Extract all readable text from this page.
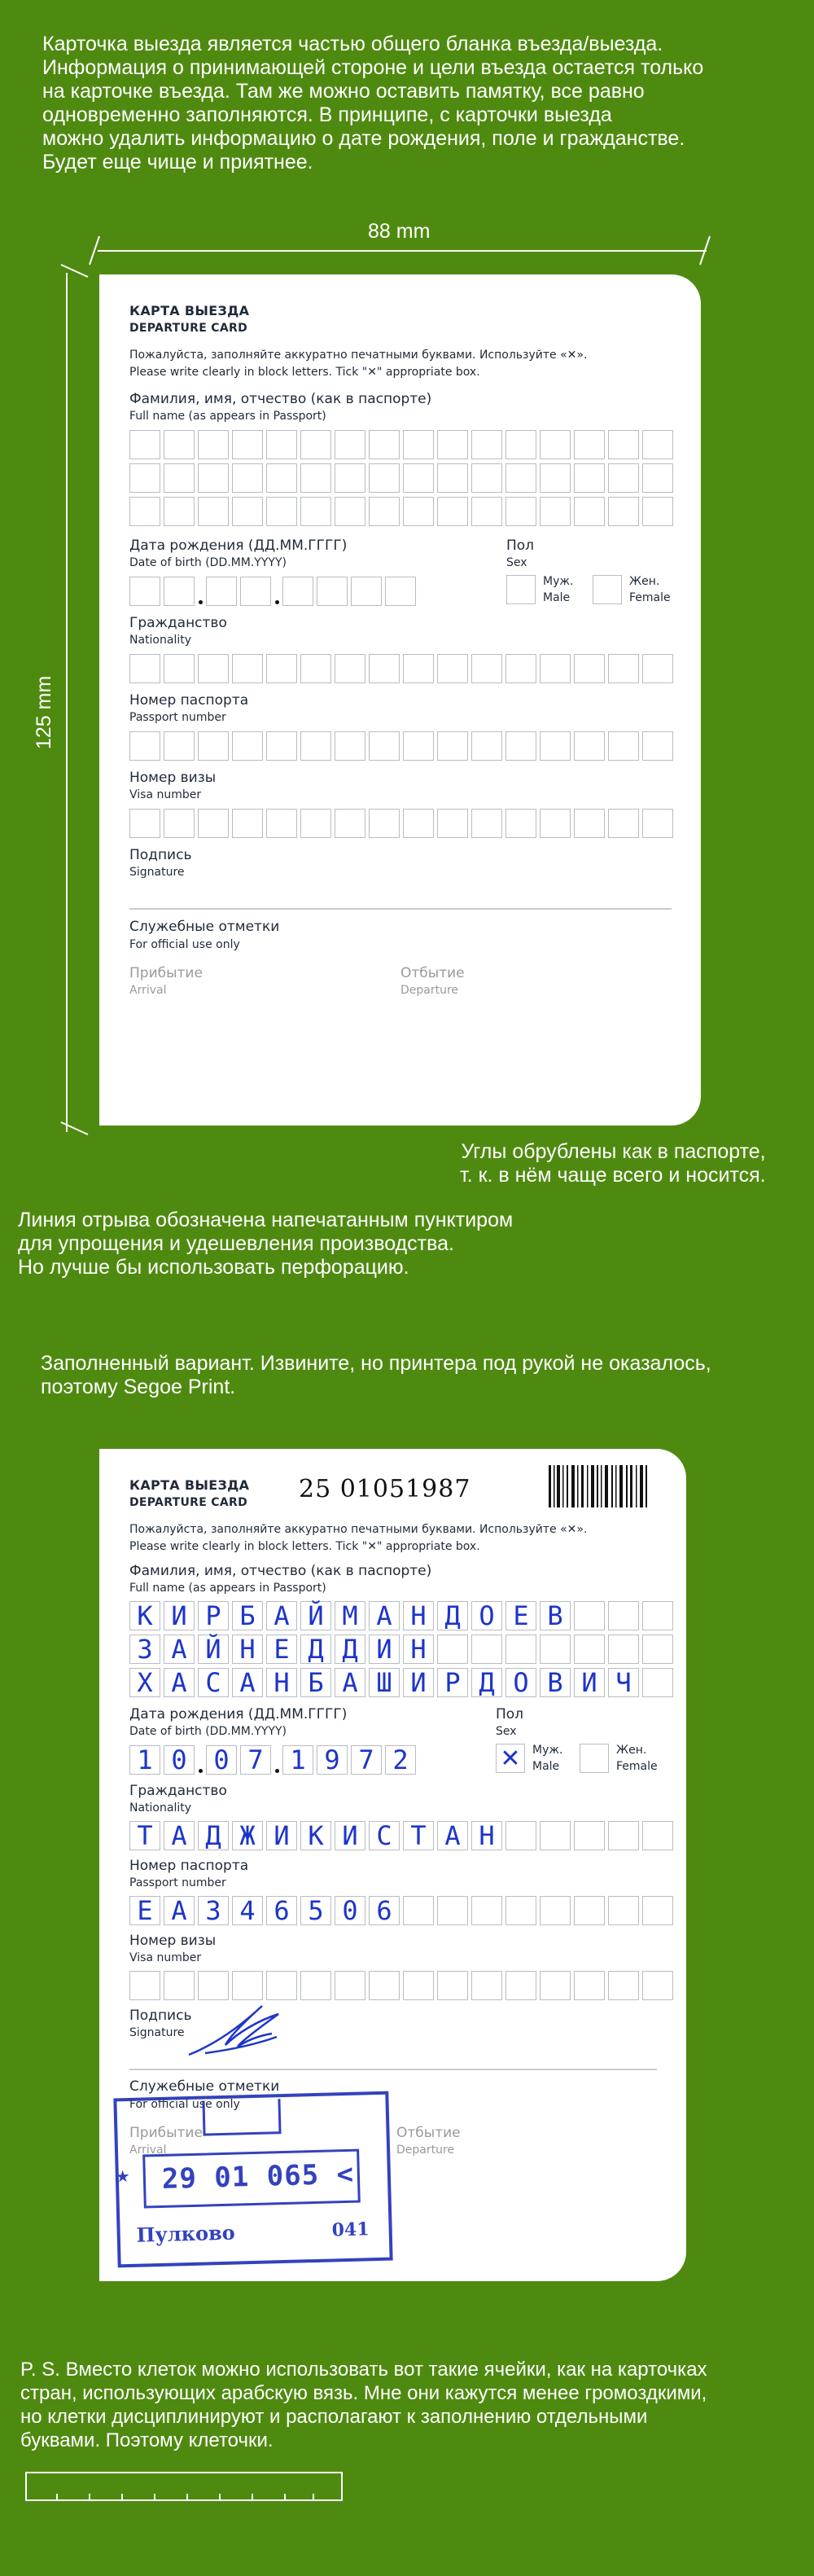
Карточка выезда является частью общего бланка въезда/выезда.
Информация о принимающей стороне и цели въезда остается только
на карточке въезда. Там же можно оставить памятку, все равно
одновременно заполняются. В принципе, с карточки выезда
можно удалить информацию о дате рождения, поле и гражданстве.
Будет еще чище и приятнее.
88 mm
125 mm
КАРТА ВЫЕЗДА
DEPARTURE CARD
Пожалуйста, заполняйте аккуратно печатными буквами. Используйте «✕».
Please write clearly in block letters. Tick "✕" appropriate box.
Фамилия, имя, отчество (как в паспорте)
Full name (as appears in Passport)
Дата рождения (ДД.ММ.ГГГГ)
Date of birth (DD.MM.YYYY)
Пол
Sex
Муж.
Male
Жен.
Female
Гражданство
Nationality
Номер паспорта
Passport number
Номер визы
Visa number
Подпись
Signature
Служебные отметки
For official use only
Прибытие
Arrival
Отбытие
Departure
Углы обрублены как в паспорте,
т. к. в нём чаще всего и носится.
Линия отрыва обозначена напечатанным пунктиром
для упрощения и удешевления производства.
Но лучше бы использовать перфорацию.
Заполненный вариант. Извините, но принтера под рукой не оказалось,
поэтому Segoe Print.
КАРТА ВЫЕЗДА
DEPARTURE CARD 25 01051987
Пожалуйста, заполняйте аккуратно печатными буквами. Используйте «✕».
Please write clearly in block letters. Tick "✕" appropriate box.
Фамилия, имя, отчество (как в паспорте)
Full name (as appears in Passport)
К И Р Б А Й М А Н Д О Е В
З А Й Н Е Д Д И Н
Х А С А Н Б А Ш И Р Д О В И Ч
Дата рождения (ДД.ММ.ГГГГ)
Date of birth (DD.MM.YYYY)
1 0 0 7 1 9 7 2
Пол
Sex
✕	Муж.
Male
Жен.
Female
Гражданство
Nationality
Т А Д Ж И К И С Т А Н
Номер паспорта
Passport number
Е А 3 4 6 5 0 6
Номер визы
Visa number
Подпись
Signature
Служебные отметки
For official use only
Прибытие
Arrival
Отбытие
Departure
★ 29 01 065 <
Пулково	041
P. S. Вместо клеток можно использовать вот такие ячейки, как на карточках
стран, использующих арабскую вязь. Мне они кажутся менее громоздкими,
но клетки дисциплинируют и располагают к заполнению отдельными
буквами. Поэтому клеточки.
